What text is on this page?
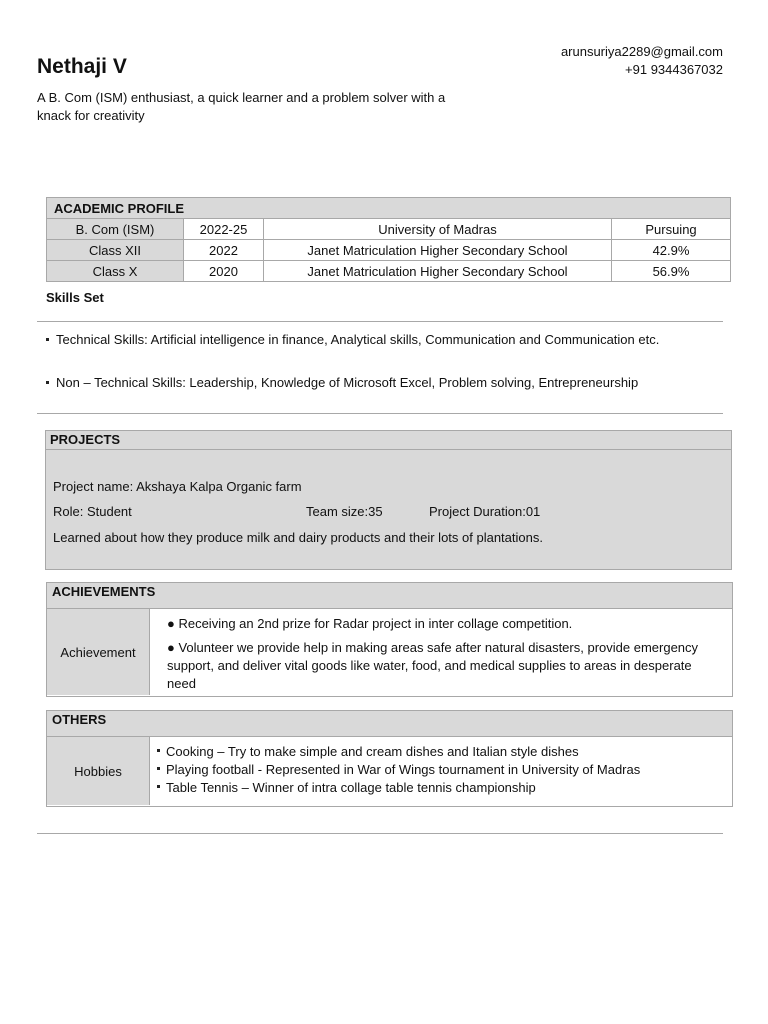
Nethaji V
arunsuriya2289@gmail.com
+91 9344367032
A B. Com (ISM) enthusiast, a quick learner and a problem solver with a knack for creativity
ACADEMIC PROFILE			
B. Com (ISM)	2022-25	University of Madras	Pursuing
Class XII	2022	Janet Matriculation Higher Secondary School	42.9%
Class X	2020	Janet Matriculation Higher Secondary School	56.9%
Skills Set
Technical Skills: Artificial intelligence in finance, Analytical skills, Communication and Communication etc.
Non – Technical Skills: Leadership, Knowledge of Microsoft Excel, Problem solving, Entrepreneurship
PROJECTS
Project name: Akshaya Kalpa Organic farm
Role: Student	Team size:35	Project Duration:01
Learned about how they produce milk and dairy products and their lots of plantations.
ACHIEVEMENTS
Achievement

● Receiving an 2nd prize for Radar project in inter collage competition.

● Volunteer we provide help in making areas safe after natural disasters, provide emergency support, and deliver vital goods like water, food, and medical supplies to areas in desperate need

OTHERS
Hobbies
Cooking – Try to make simple and cream dishes and Italian style dishes
Playing football - Represented in War of Wings tournament in University of Madras
Table Tennis – Winner of intra collage table tennis championship
